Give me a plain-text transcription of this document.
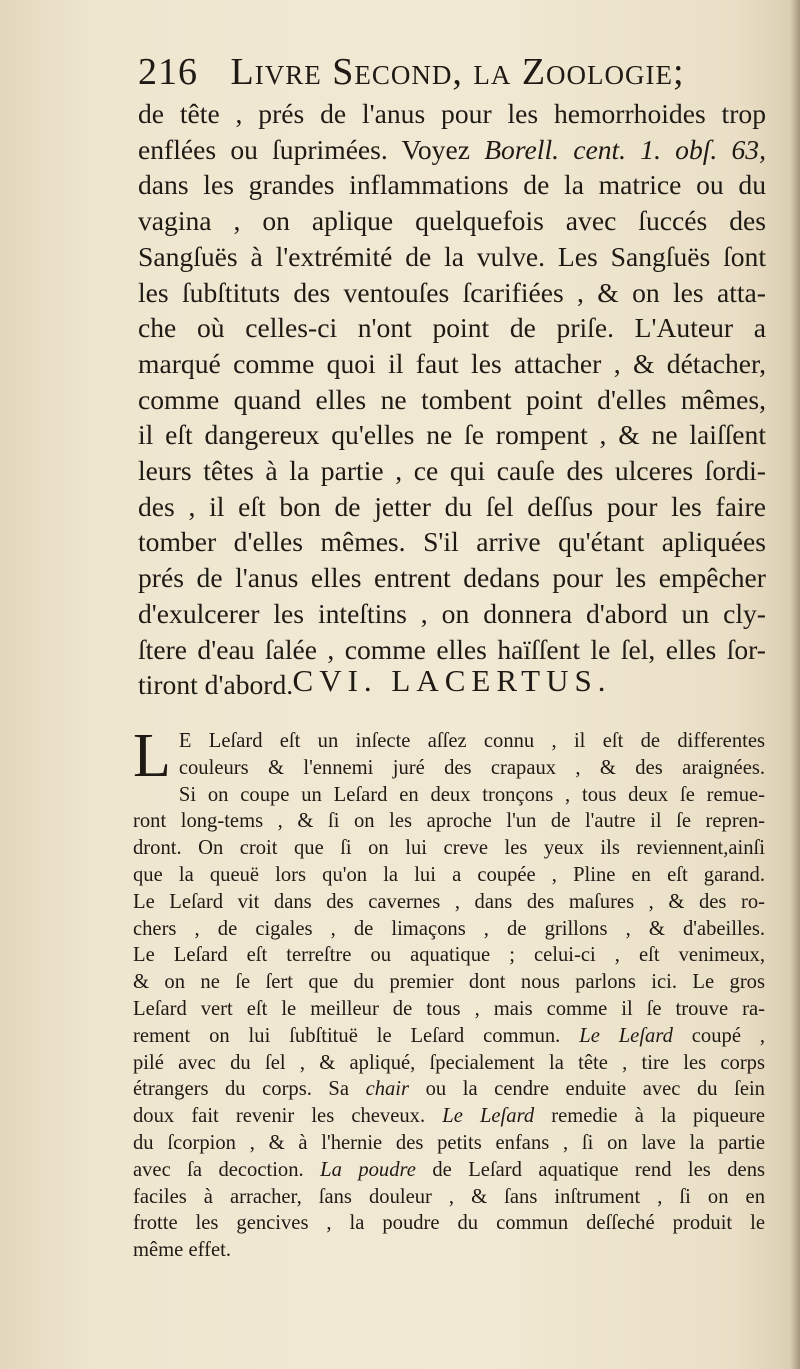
216 Livre Second, la Zoologie;
de tête , prés de l'anus pour les hemorrhoides trop
enflées ou ſuprimées. Voyez Borell. cent. 1. obſ. 63,
dans les grandes inflammations de la matrice ou du
vagina , on aplique quelquefois avec ſuccés des
Sangſuës à l'extrémité de la vulve. Les Sangſuës ſont
les ſubſtituts des ventouſes ſcarifiées , & on les atta-
che où celles-ci n'ont point de priſe. L'Auteur a
marqué comme quoi il faut les attacher , & détacher,
comme quand elles ne tombent point d'elles mêmes,
il eſt dangereux qu'elles ne ſe rompent , & ne laiſſent
leurs têtes à la partie , ce qui cauſe des ulceres ſordi-
des , il eſt bon de jetter du ſel deſſus pour les faire
tomber d'elles mêmes. S'il arrive qu'étant apliquées
prés de l'anus elles entrent dedans pour les empêcher
d'exulcerer les inteſtins , on donnera d'abord un cly-
ſtere d'eau ſalée , comme elles haïſſent le ſel, elles ſor-
tiront d'abord. CVI. LACERTUS.
L E Leſard eſt un inſecte aſſez connu , il eſt de differentes
couleurs & l'ennemi juré des crapaux , & des araignées.
Si on coupe un Leſard en deux tronçons , tous deux ſe remue-
ront long-tems , & ſi on les aproche l'un de l'autre il ſe repren-
dront. On croit que ſi on lui creve les yeux ils reviennent,ainſi
que la queuë lors qu'on la lui a coupée , Pline en eſt garand.
Le Leſard vit dans des cavernes , dans des maſures , & des ro-
chers , de cigales , de limaçons , de grillons , & d'abeilles.
Le Leſard eſt terreſtre ou aquatique ; celui-ci , eſt venimeux,
& on ne ſe ſert que du premier dont nous parlons ici. Le gros
Leſard vert eſt le meilleur de tous , mais comme il ſe trouve ra-
rement on lui ſubſtituë le Leſard commun. Le Leſard coupé ,
pilé avec du ſel , & apliqué, ſpecialement la tête , tire les corps
étrangers du corps. Sa chair ou la cendre enduite avec du ſein
doux fait revenir les cheveux. Le Leſard remedie à la piqueure
du ſcorpion , & à l'hernie des petits enfans , ſi on lave la partie
avec ſa decoction. La poudre de Leſard aquatique rend les dens
faciles à arracher, ſans douleur , & ſans inſtrument , ſi on en
frotte les gencives , la poudre du commun deſſeché produit le
même effet.
